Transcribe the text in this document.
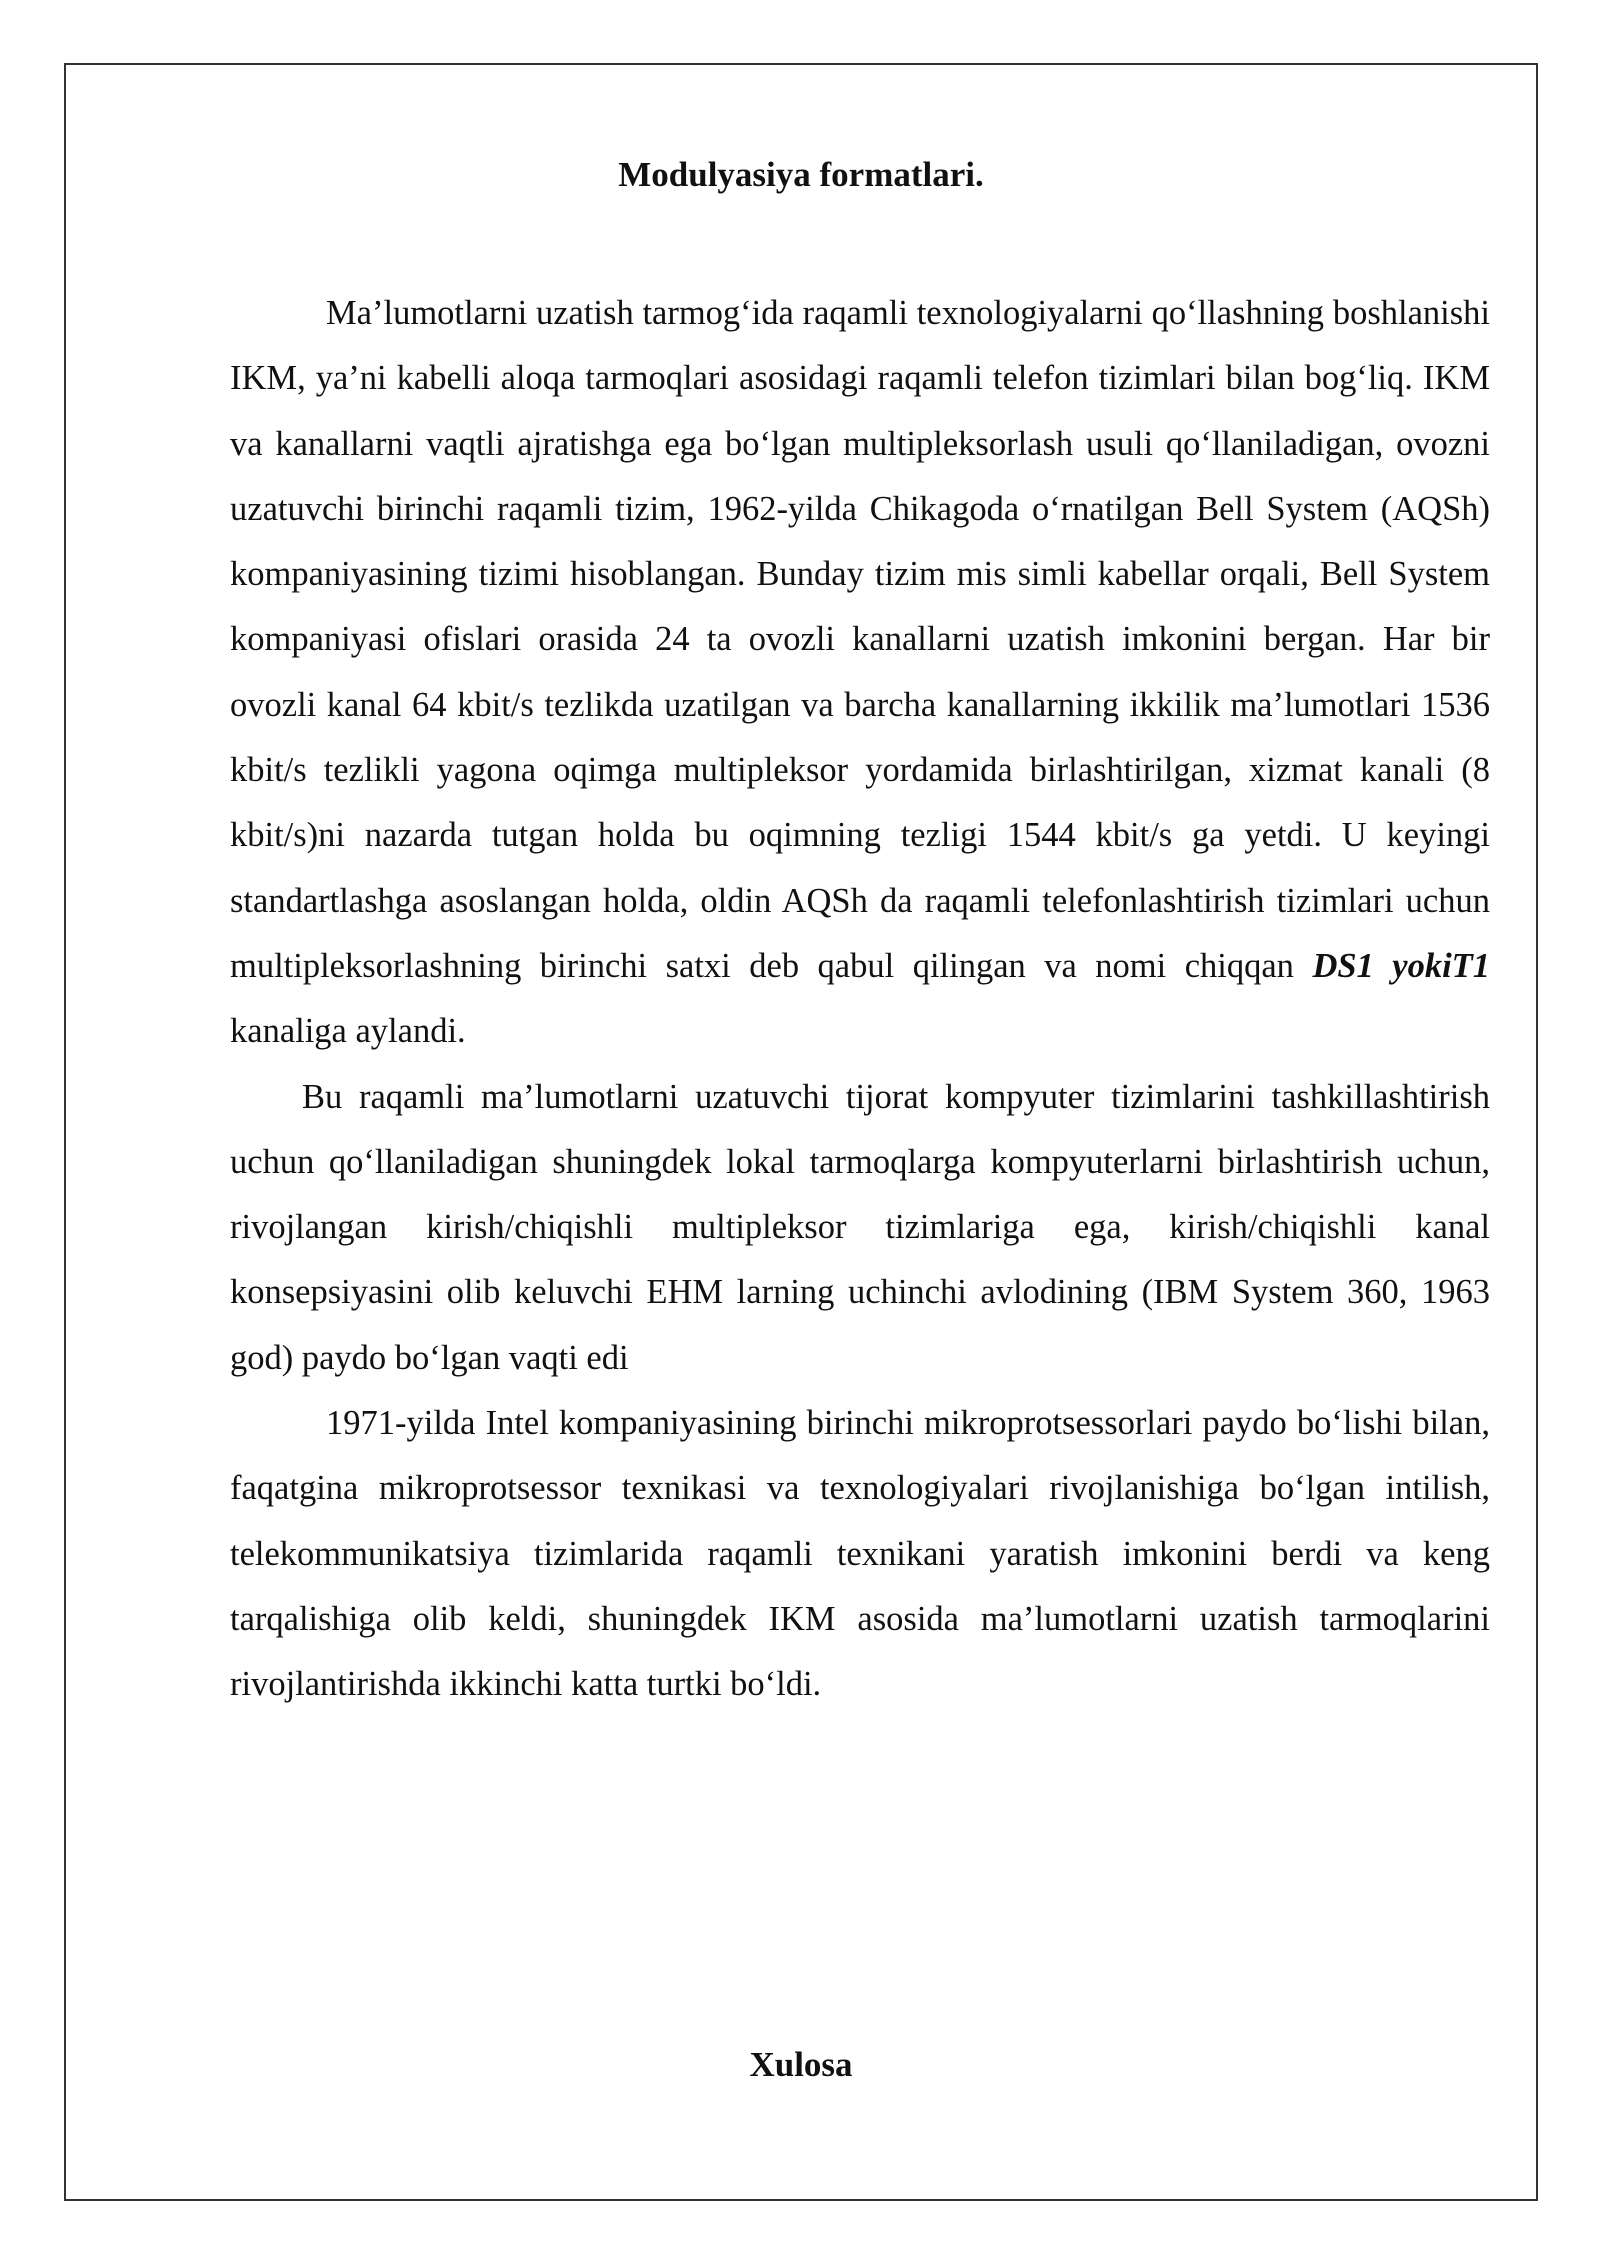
Modulyasiya formatlari.

Ma’lumotlarni uzatish tarmog‘ida raqamli texnologiyalarni qo‘llashning boshlanishi IKM, ya’ni kabelli aloqa tarmoqlari asosidagi raqamli telefon tizimlari bilan bog‘liq. IKM va kanallarni vaqtli ajratishga ega bo‘lgan multipleksorlash usuli qo‘llaniladigan, ovozni uzatuvchi birinchi raqamli tizim, 1962-yilda Chikagoda o‘rnatilgan Bell System (AQSh) kompaniyasining tizimi hisoblangan. Bunday tizim mis simli kabellar orqali, Bell System kompaniyasi ofislari orasida 24 ta ovozli kanallarni uzatish imkonini bergan. Har bir ovozli kanal 64 kbit/s tezlikda uzatilgan va barcha kanallarning ikkilik ma’lumotlari 1536 kbit/s tezlikli yagona oqimga multipleksor yordamida birlashtirilgan, xizmat kanali (8 kbit/s)ni nazarda tutgan holda bu oqimning tezligi 1544 kbit/s ga yetdi. U keyingi standartlashga asoslangan holda, oldin AQSh da raqamli telefonlashtirish tizimlari uchun multipleksorlashning birinchi satxi deb qabul qilingan va nomi chiqqan DS1 yokiT1 kanaliga aylandi.

Bu raqamli ma’lumotlarni uzatuvchi tijorat kompyuter tizimlarini tashkillashtirish uchun qo‘llaniladigan shuningdek lokal tarmoqlarga kompyuterlarni birlashtirish uchun, rivojlangan kirish/chiqishli multipleksor tizimlariga ega, kirish/chiqishli kanal konsepsiyasini olib keluvchi EHM larning uchinchi avlodining (IBM System 360, 1963 god) paydo bo‘lgan vaqti edi

1971-yilda Intel kompaniyasining birinchi mikroprotsessorlari paydo bo‘lishi bilan, faqatgina mikroprotsessor texnikasi va texnologiyalari rivojlanishiga bo‘lgan intilish, telekommunikatsiya tizimlarida raqamli texnikani yaratish imkonini berdi va keng tarqalishiga olib keldi, shuningdek IKM asosida ma’lumotlarni uzatish tarmoqlarini rivojlantirishda ikkinchi katta turtki bo‘ldi.

Xulosa
